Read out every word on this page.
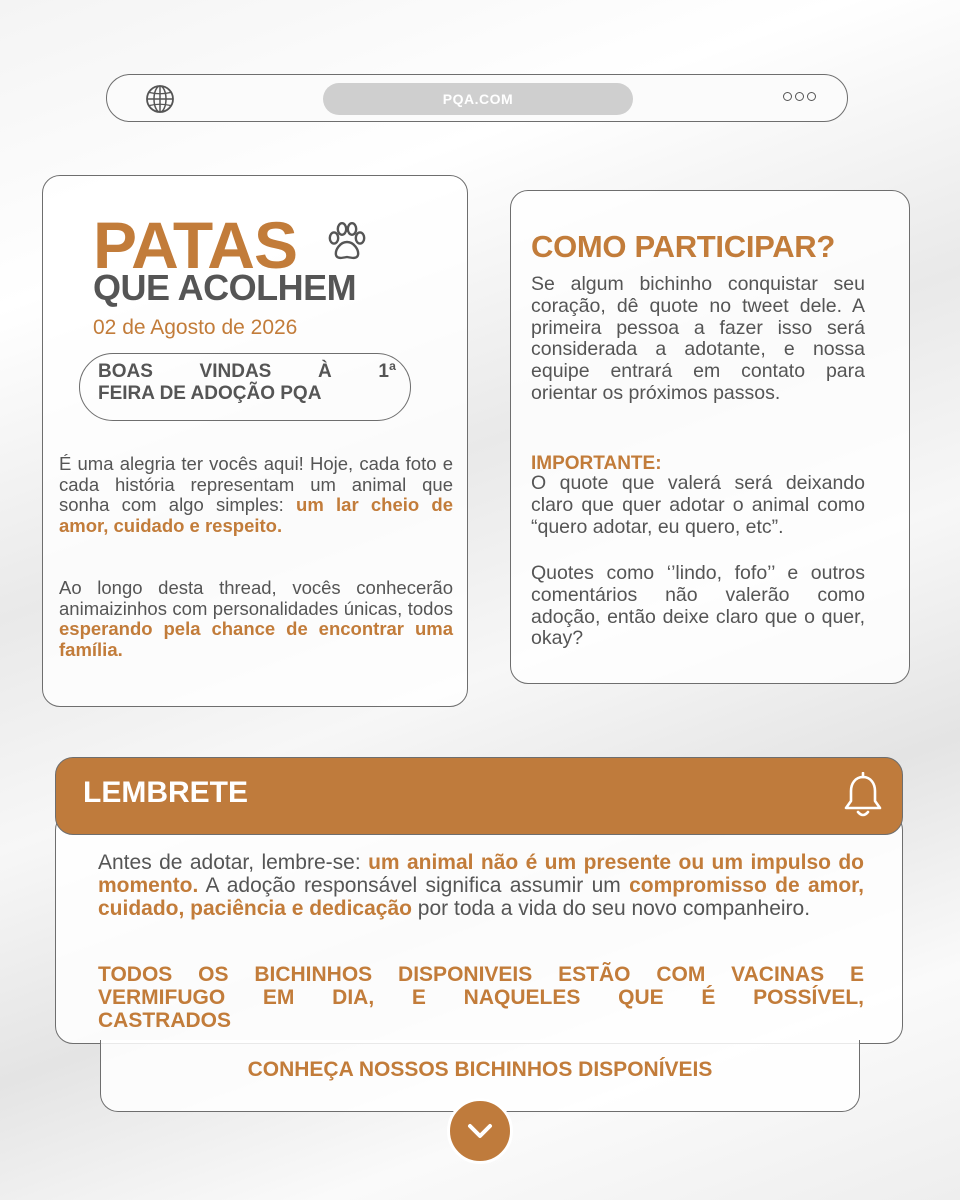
PQA.COM
PATAS
QUE ACOLHEM
02 de Agosto de 2026
BOAS VINDAS À 1ª
FEIRA DE ADOÇÃO PQA

É uma alegria ter vocês aqui! Hoje, cada foto e cada história representam um animal que sonha com algo simples: um lar cheio de amor, cuidado e respeito.

Ao longo desta thread, vocês conhecerão animaizinhos com personalidades únicas, todos esperando pela chance de encontrar uma família.

COMO PARTICIPAR?

Se algum bichinho conquistar seu coração, dê quote no tweet dele. A primeira pessoa a fazer isso será considerada a adotante, e nossa equipe entrará em contato para orientar os próximos passos.

IMPORTANTE:

O quote que valerá será deixando claro que quer adotar o animal como “quero adotar, eu quero, etc”.

Quotes como ‘’lindo, fofo’’ e outros comentários não valerão como adoção, então deixe claro que o quer, okay?

Antes de adotar, lembre-se: um animal não é um presente ou um impulso do momento. A adoção responsável significa assumir um compromisso de amor, cuidado, paciência e dedicação por toda a vida do seu novo companheiro.

TODOS OS BICHINHOS DISPONIVEIS ESTÃO COM VACINAS E
VERMIFUGO EM DIA, E NAQUELES QUE É POSSÍVEL,
CASTRADOS

LEMBRETE
CONHEÇA NOSSOS BICHINHOS DISPONÍVEIS
